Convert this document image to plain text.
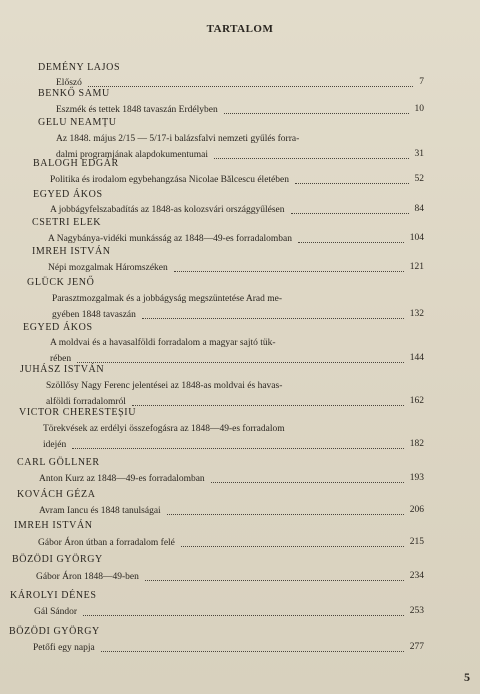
TARTALOM
DEMÉNY LAJOS
Előszó	7
BENKŐ SAMU
Eszmék és tettek 1848 tavaszán Erdélyben	10
GELU NEAMȚU
Az 1848. május 2/15 — 5/17-i balázsfalvi nemzeti gyűlés forra-
dalmi programjának alapdokumentumai	31
BALOGH EDGÁR
Politika és irodalom egybehangzása Nicolae Bălcescu életében	52
EGYED ÁKOS
A jobbágyfelszabadítás az 1848-as kolozsvári országgyűlésen	84
CSETRI ELEK
A Nagybánya-vidéki munkásság az 1848—49-es forradalomban	104
IMREH ISTVÁN
Népi mozgalmak Háromszéken	121
GLÜCK JENŐ
Parasztmozgalmak és a jobbágyság megszüntetése Arad me-
gyében 1848 tavaszán	132
EGYED ÁKOS
A moldvai és a havasalföldi forradalom a magyar sajtó tük-
rében	144
JUHÁSZ ISTVÁN
Szöllősy Nagy Ferenc jelentései az 1848-as moldvai és havas-
alföldi forradalomról	162
VICTOR CHERESTEȘIU
Törekvések az erdélyi összefogásra az 1848—49-es forradalom
idején	182
CARL GÖLLNER
Anton Kurz az 1848—49-es forradalomban	193
KOVÁCH GÉZA
Avram Iancu és 1848 tanulságai	206
IMREH ISTVÁN
Gábor Áron útban a forradalom felé	215
BÖZÖDI GYÖRGY
Gábor Áron 1848—49-ben	234
KÁROLYI DÉNES
Gál Sándor	253
BÖZÖDI GYÖRGY
Petőfi egy napja	277
5
